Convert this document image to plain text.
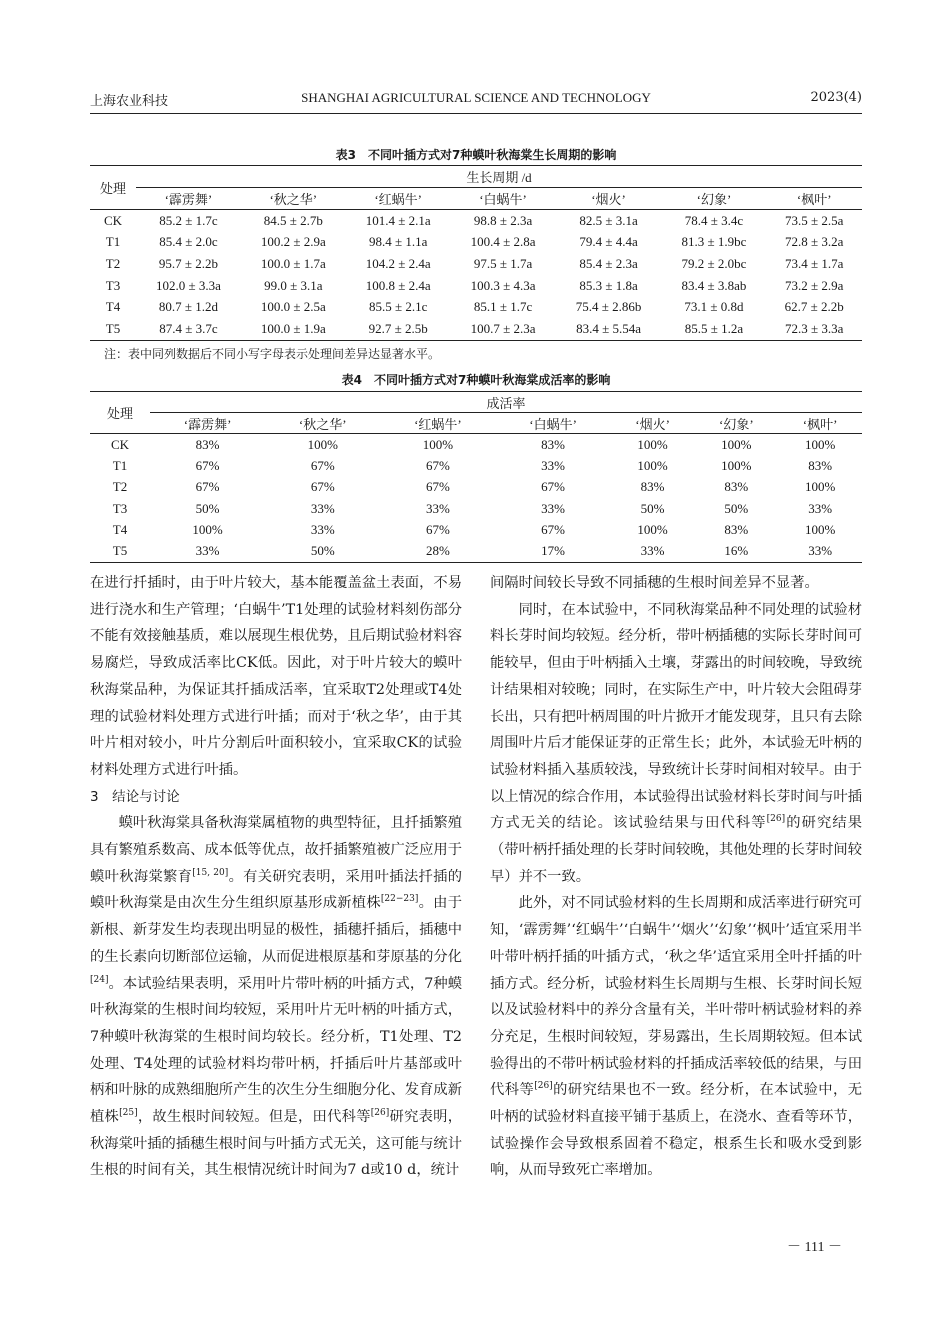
上海农业科技	SHANGHAI AGRICULTURAL SCIENCE AND TECHNOLOGY	2023(4)
表3　不同叶插方式对7种蟆叶秋海棠生长周期的影响
处理	生长周期 /d						
	‘霹雳舞’	‘秋之华’	‘红蜗牛’	‘白蜗牛’	‘烟火’	‘幻象’	‘枫叶’
CK	85.2 ± 1.7c	84.5 ± 2.7b	101.4 ± 2.1a	98.8 ± 2.3a	82.5 ± 3.1a	78.4 ± 3.4c	73.5 ± 2.5a
T1	85.4 ± 2.0c	100.2 ± 2.9a	98.4 ± 1.1a	100.4 ± 2.8a	79.4 ± 4.4a	81.3 ± 1.9bc	72.8 ± 3.2a
T2	95.7 ± 2.2b	100.0 ± 1.7a	104.2 ± 2.4a	97.5 ± 1.7a	85.4 ± 2.3a	79.2 ± 2.0bc	73.4 ± 1.7a
T3	102.0 ± 3.3a	99.0 ± 3.1a	100.8 ± 2.4a	100.3 ± 4.3a	85.3 ± 1.8a	83.4 ± 3.8ab	73.2 ± 2.9a
T4	80.7 ± 1.2d	100.0 ± 2.5a	85.5 ± 2.1c	85.1 ± 1.7c	75.4 ± 2.86b	73.1 ± 0.8d	62.7 ± 2.2b
T5	87.4 ± 3.7c	100.0 ± 1.9a	92.7 ± 2.5b	100.7 ± 2.3a	83.4 ± 5.54a	85.5 ± 1.2a	72.3 ± 3.3a
注：表中同列数据后不同小写字母表示处理间差异达显著水平。
表4　不同叶插方式对7种蟆叶秋海棠成活率的影响
处理	成活率						
	‘霹雳舞’	‘秋之华’	‘红蜗牛’	‘白蜗牛’	‘烟火’	‘幻象’	‘枫叶’
CK	83%	100%	100%	83%	100%	100%	100%
T1	67%	67%	67%	33%	100%	100%	83%
T2	67%	67%	67%	67%	83%	83%	100%
T3	50%	33%	33%	33%	50%	50%	33%
T4	100%	33%	67%	67%	100%	83%	100%
T5	33%	50%	28%	17%	33%	16%	33%

在进行扦插时，由于叶片较大，基本能覆盖盆土表面，不易进行浇水和生产管理；‘白蜗牛’T1处理的试验材料刻伤部分不能有效接触基质，难以展现生根优势，且后期试验材料容易腐烂，导致成活率比CK低。因此，对于叶片较大的蟆叶秋海棠品种，为保证其扦插成活率，宜采取T2处理或T4处理的试验材料处理方式进行叶插；而对于‘秋之华’，由于其叶片相对较小，叶片分割后叶面积较小，宜采取CK的试验材料处理方式进行叶插。

3　结论与讨论

蟆叶秋海棠具备秋海棠属植物的典型特征，且扦插繁殖具有繁殖系数高、成本低等优点，故扦插繁殖被广泛应用于蟆叶秋海棠繁育[15, 20]。有关研究表明，采用叶插法扦插的蟆叶秋海棠是由次生分生组织原基形成新植株[22−23]。由于新根、新芽发生均表现出明显的极性，插穗扦插后，插穗中的生长素向切断部位运输，从而促进根原基和芽原基的分化[24]。本试验结果表明，采用叶片带叶柄的叶插方式，7种蟆叶秋海棠的生根时间均较短，采用叶片无叶柄的叶插方式，7种蟆叶秋海棠的生根时间均较长。经分析，T1处理、T2处理、T4处理的试验材料均带叶柄，扦插后叶片基部或叶柄和叶脉的成熟细胞所产生的次生分生细胞分化、发育成新植株[25]，故生根时间较短。但是，田代科等[26]研究表明，秋海棠叶插的插穗生根时间与叶插方式无关，这可能与统计生根的时间有关，其生根情况统计时间为7 d或10 d，统计

间隔时间较长导致不同插穗的生根时间差异不显著。

同时，在本试验中，不同秋海棠品种不同处理的试验材料长芽时间均较短。经分析，带叶柄插穗的实际长芽时间可能较早，但由于叶柄插入土壤，芽露出的时间较晚，导致统计结果相对较晚；同时，在实际生产中，叶片较大会阻碍芽长出，只有把叶柄周围的叶片掀开才能发现芽，且只有去除周围叶片后才能保证芽的正常生长；此外，本试验无叶柄的试验材料插入基质较浅，导致统计长芽时间相对较早。由于以上情况的综合作用，本试验得出试验材料长芽时间与叶插方式无关的结论。该试验结果与田代科等[26]的研究结果（带叶柄扦插处理的长芽时间较晚，其他处理的长芽时间较早）并不一致。

此外，对不同试验材料的生长周期和成活率进行研究可知，‘霹雳舞’‘红蜗牛’‘白蜗牛’‘烟火’‘幻象’‘枫叶’适宜采用半叶带叶柄扦插的叶插方式，‘秋之华’适宜采用全叶扦插的叶插方式。经分析，试验材料生长周期与生根、长芽时间长短以及试验材料中的养分含量有关，半叶带叶柄试验材料的养分充足，生根时间较短，芽易露出，生长周期较短。但本试验得出的不带叶柄试验材料的扦插成活率较低的结果，与田代科等[26]的研究结果也不一致。经分析，在本试验中，无叶柄的试验材料直接平铺于基质上，在浇水、查看等环节，试验操作会导致根系固着不稳定，根系生长和吸水受到影响，从而导致死亡率增加。

－ 111 －
